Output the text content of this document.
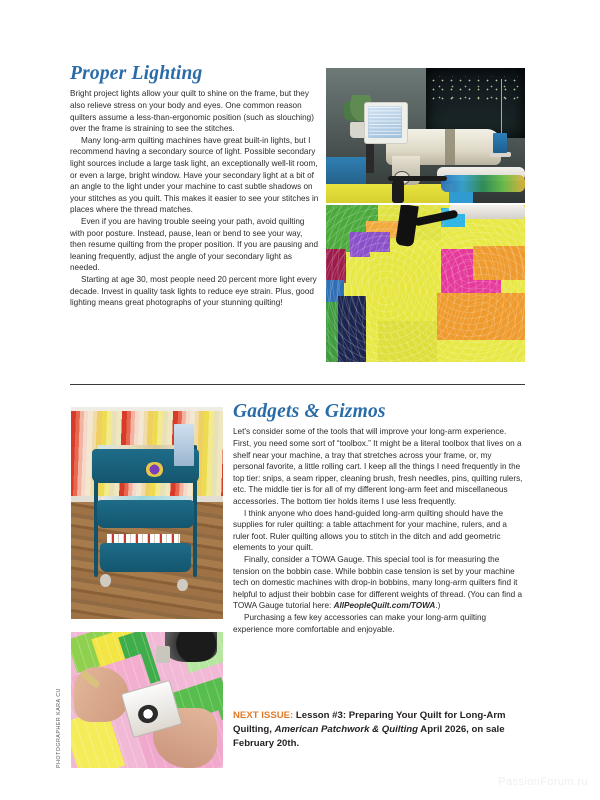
Proper Lighting

Bright project lights allow your quilt to shine on the frame, but they also relieve stress on your body and eyes. One common reason quilters assume a less-than-ergonomic position (such as slouching) over the frame is straining to see the stitches.

Many long-arm quilting machines have great built-in lights, but I recommend having a secondary source of light. Possible secondary light sources include a large task light, an exceptionally well-lit room, or even a large, bright window. Have your secondary light at a bit of an angle to the light under your machine to cast subtle shadows on your stitches as you quilt. This makes it easier to see your stitches in places where the thread matches.

Even if you are having trouble seeing your path, avoid quilting with poor posture. Instead, pause, lean or bend to see your way, then resume quilting from the proper position. If you are pausing and leaning frequently, adjust the angle of your secondary light as needed.

Starting at age 30, most people need 20 percent more light every decade. Invest in quality task lights to reduce eye strain. Plus, good lighting means great photographs of your stunning quilting!

Gadgets & Gizmos

Let's consider some of the tools that will improve your long-arm experience. First, you need some sort of “toolbox.” It might be a literal toolbox that lives on a shelf near your machine, a tray that stretches across your frame, or, my personal favorite, a little rolling cart. I keep all the things I need frequently in the top tier: snips, a seam ripper, cleaning brush, fresh needles, pins, quilting rulers, etc. The middle tier is for all of my different long-arm feet and miscellaneous accessories. The bottom tier holds items I use less frequently.

I think anyone who does hand-guided long-arm quilting should have the supplies for ruler quilting: a table attachment for your machine, rulers, and a ruler foot. Ruler quilting allows you to stitch in the ditch and add geometric elements to your quilt.

Finally, consider a TOWA Gauge. This special tool is for measuring the tension on the bobbin case. While bobbin case tension is set by your machine tech on domestic machines with drop-in bobbins, many long-arm quilters find it helpful to adjust their bobbin case for different weights of thread. (You can find a TOWA Gauge tutorial here: AllPeopleQuilt.com/TOWA.)

Purchasing a few key accessories can make your long-arm quilting experience more comfortable and enjoyable.

PHOTOGRAPHER KARA CU	NEXT ISSUE: Lesson #3: Preparing Your Quilt for Long-Arm Quilting, American Patchwork & Quilting April 2026, on sale February 20th.
PassionForum.ru
